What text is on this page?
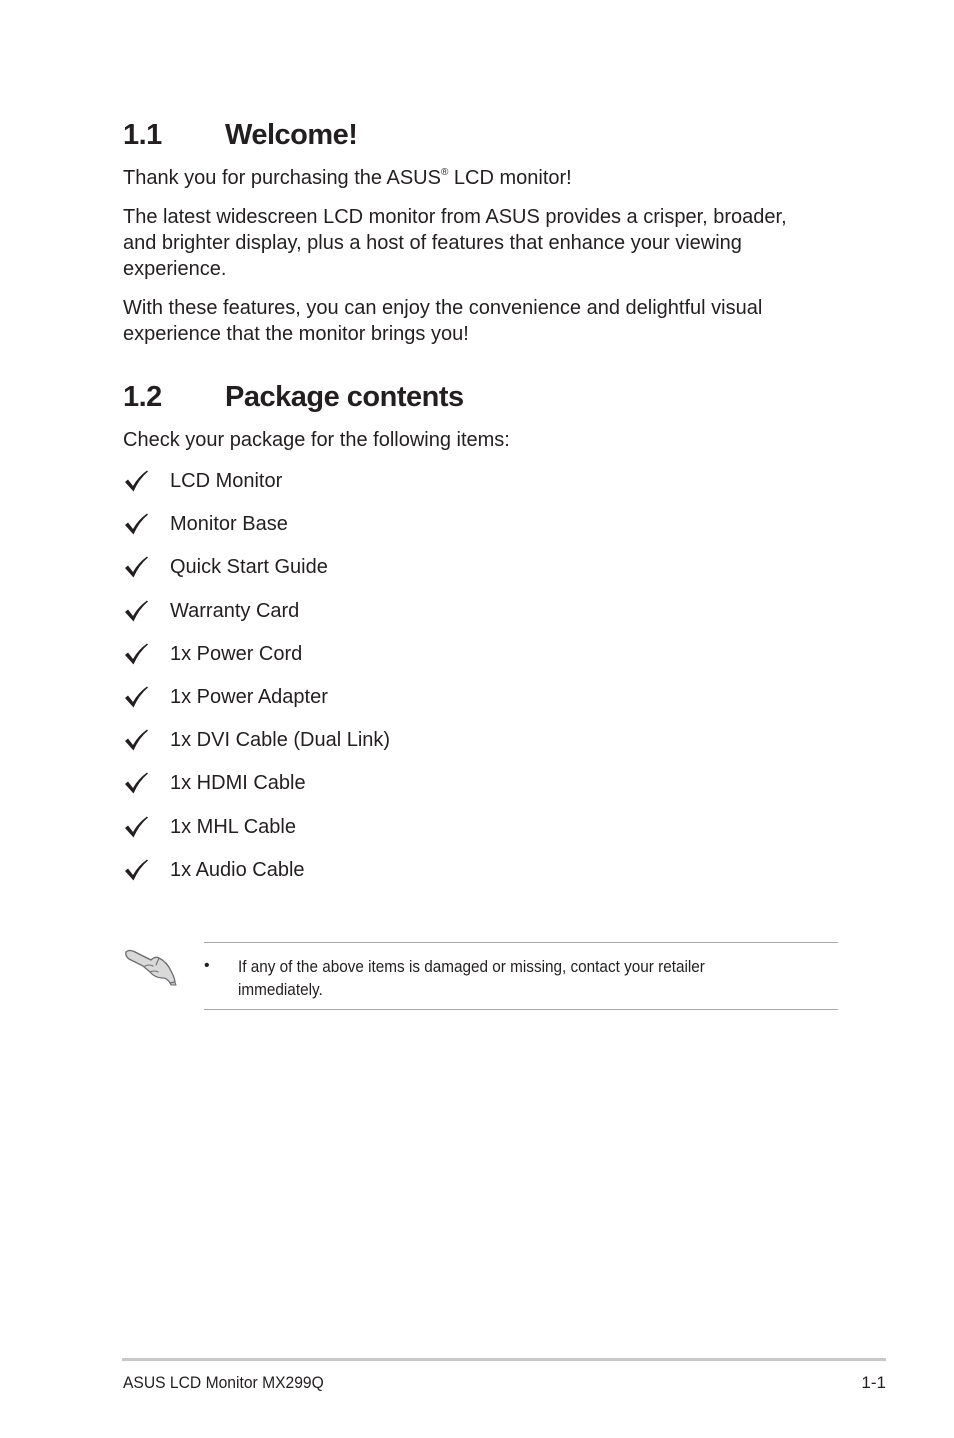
1.1 Welcome!

Thank you for purchasing the ASUS® LCD monitor!

The latest widescreen LCD monitor from ASUS provides a crisper, broader, and brighter display, plus a host of features that enhance your viewing experience.

With these features, you can enjoy the convenience and delightful visual experience that the monitor brings you!

1.2 Package contents

Check your package for the following items:

LCD Monitor
Monitor Base
Quick Start Guide
Warranty Card
1x Power Cord
1x Power Adapter
1x DVI Cable (Dual Link)
1x HDMI Cable
1x MHL Cable
1x Audio Cable
• If any of the above items is damaged or missing, contact your retailer immediately.
ASUS LCD Monitor MX299Q	1-1
